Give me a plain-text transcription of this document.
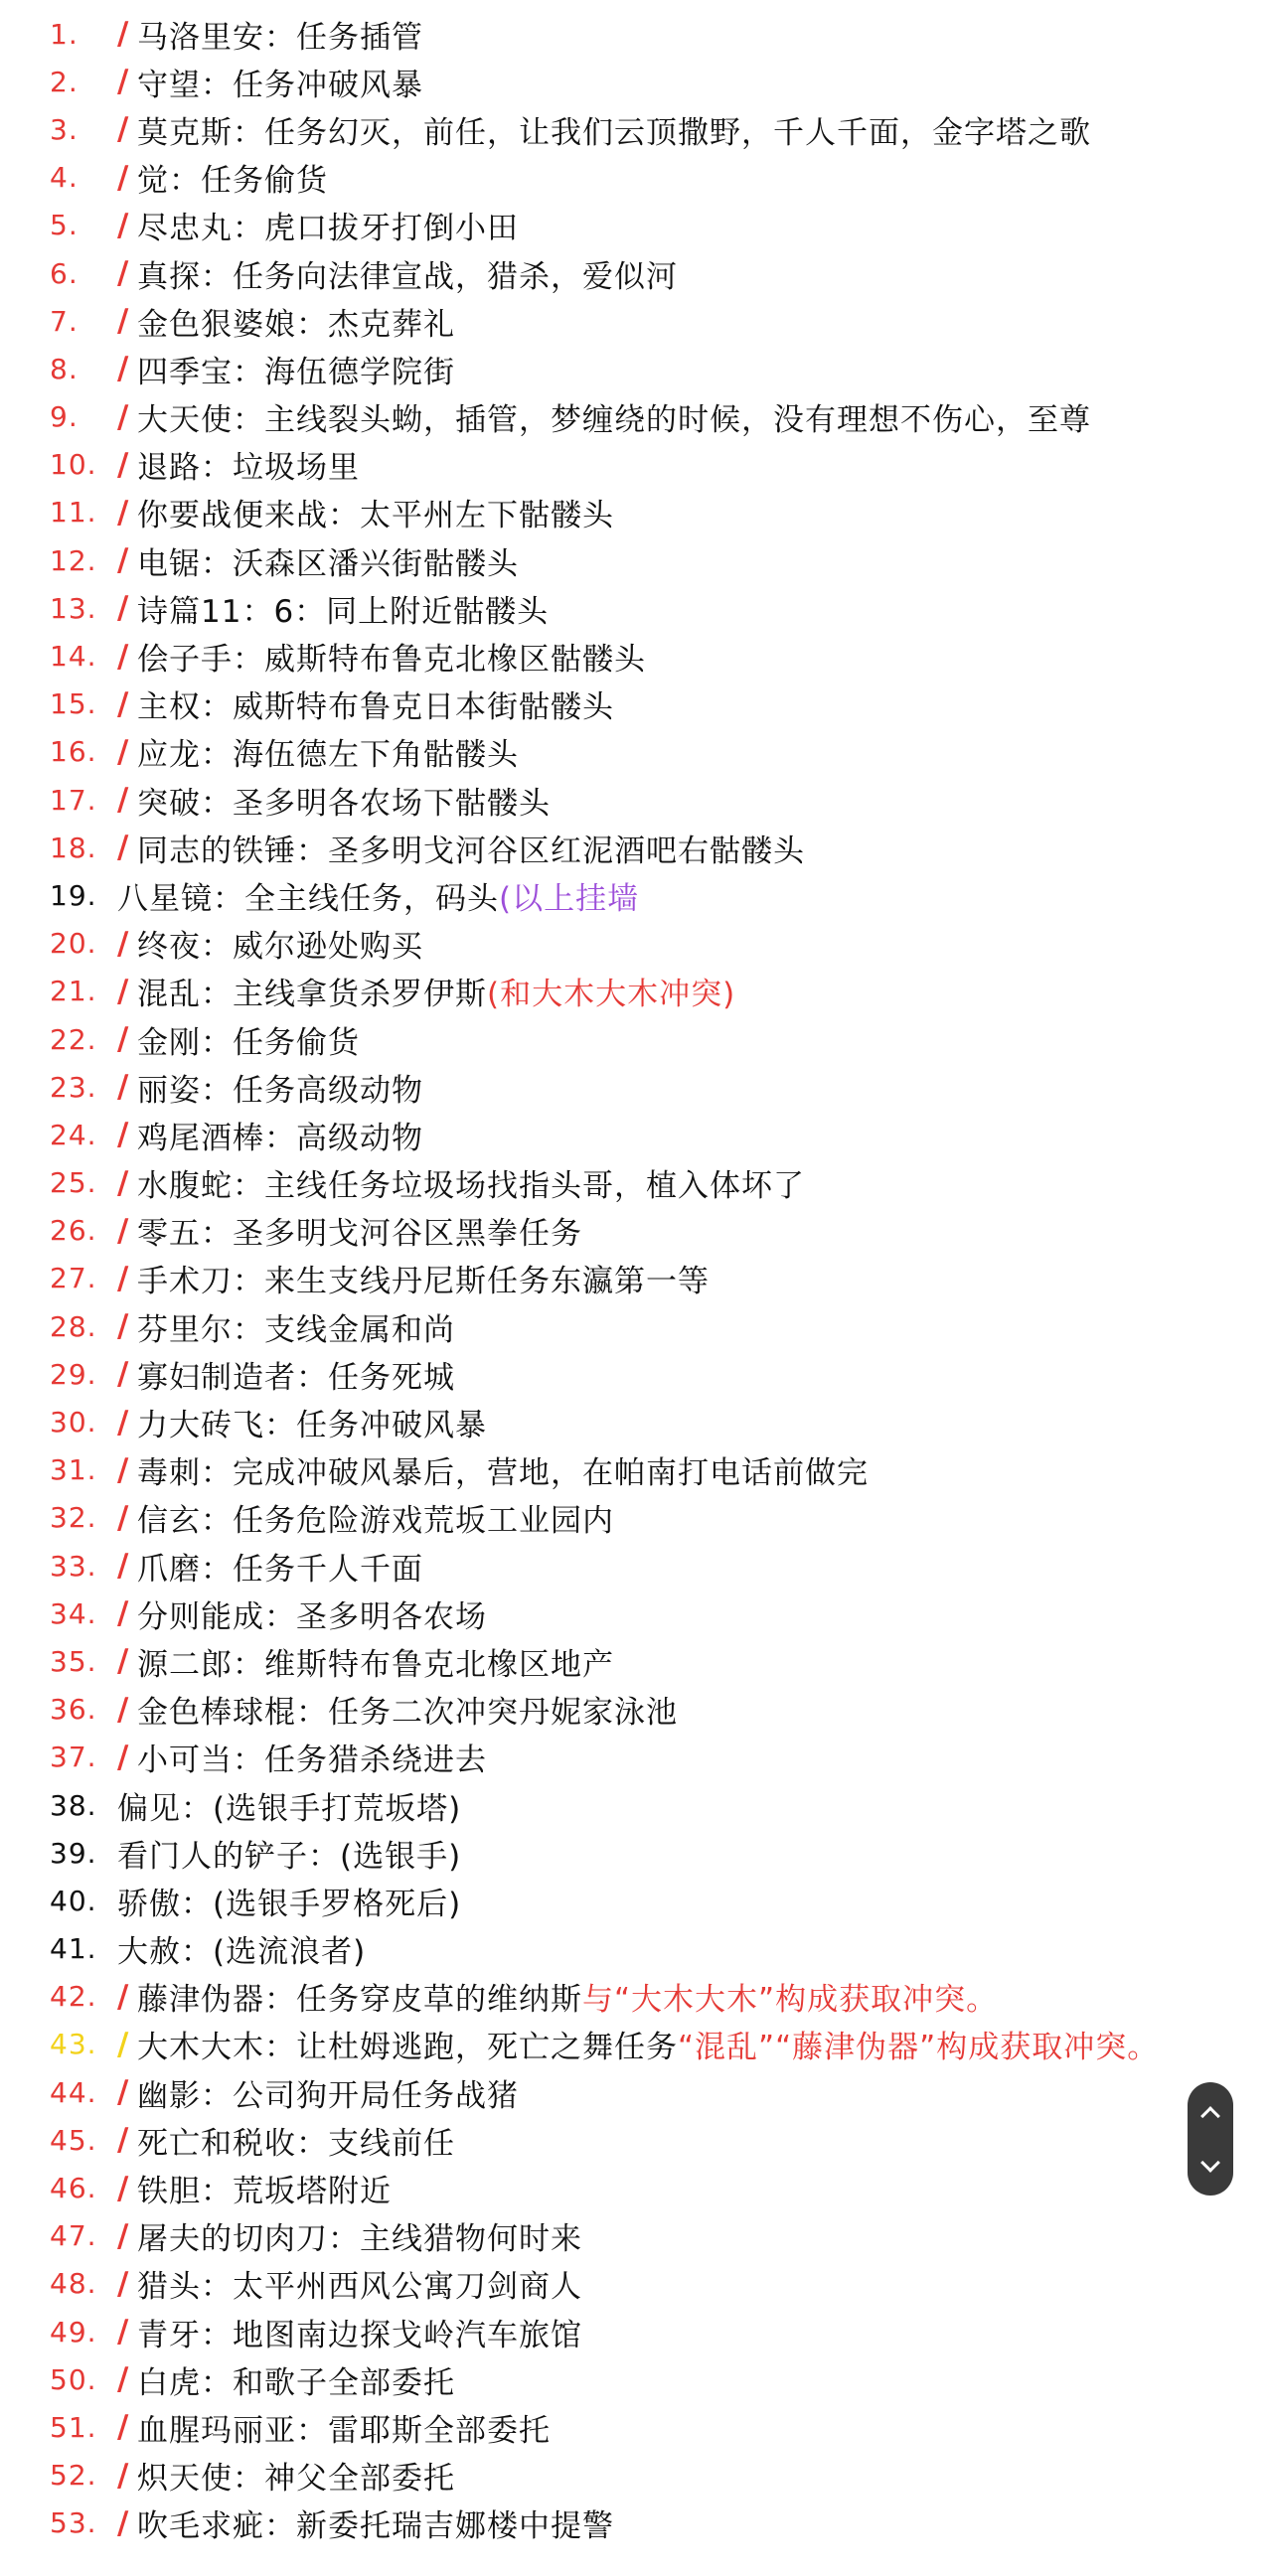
1.	/ 马洛里安：任务插管
2.	/ 守望：任务冲破风暴
3.	/ 莫克斯：任务幻灭，前任，让我们云顶撒野，千人千面，金字塔之歌
4.	/ 觉：任务偷货
5.	/ 尽忠丸：虎口拔牙打倒小田
6.	/ 真探：任务向法律宣战，猎杀，爱似河
7.	/ 金色狠婆娘：杰克葬礼
8.	/ 四季宝：海伍德学院街
9.	/ 大天使：主线裂头蚴，插管，梦缠绕的时候，没有理想不伤心，至尊
10. / 退路：垃圾场里
11. / 你要战便来战：太平州左下骷髅头
12. / 电锯：沃森区潘兴街骷髅头
13. / 诗篇11：6：同上附近骷髅头
14. / 侩子手：威斯特布鲁克北橡区骷髅头
15. / 主权：威斯特布鲁克日本街骷髅头
16. / 应龙：海伍德左下角骷髅头
17. / 突破：圣多明各农场下骷髅头
18. / 同志的铁锤：圣多明戈河谷区红泥酒吧右骷髅头
19. 八星镜：全主线任务，码头 (以上挂墙
20. / 终夜：威尔逊处购买
21. / 混乱：主线拿货杀罗伊斯 (和大木大木冲突)
22. / 金刚：任务偷货
23. / 丽姿：任务高级动物
24. / 鸡尾酒棒：高级动物
25. / 水腹蛇：主线任务垃圾场找指头哥，植入体坏了
26. / 零五：圣多明戈河谷区黑拳任务
27. / 手术刀：来生支线丹尼斯任务东瀛第一等
28. / 芬里尔：支线金属和尚
29. / 寡妇制造者：任务死城
30. / 力大砖飞：任务冲破风暴
31. / 毒刺：完成冲破风暴后，营地，在帕南打电话前做完
32. / 信玄：任务危险游戏荒坂工业园内
33. / 爪磨：任务千人千面
34. / 分则能成：圣多明各农场
35. / 源二郎：维斯特布鲁克北橡区地产
36. / 金色棒球棍：任务二次冲突丹妮家泳池
37. / 小可当：任务猎杀绕进去
38. 偏见：(选银手打荒坂塔)
39. 看门人的铲子：(选银手)
40. 骄傲：(选银手罗格死后)
41. 大赦：(选流浪者)
42. / 藤津伪器：任务穿皮草的维纳斯 与“大木大木”构成获取冲突。
43. / 大木大木：让杜姆逃跑，死亡之舞任务 “混乱”“藤津伪器”构成获取冲突。
44. / 幽影：公司狗开局任务战猪
45. / 死亡和税收：支线前任
46. / 铁胆：荒坂塔附近
47. / 屠夫的切肉刀：主线猎物何时来
48. / 猎头：太平州西风公寓刀剑商人
49. / 青牙：地图南边探戈岭汽车旅馆
50. / 白虎：和歌子全部委托
51. / 血腥玛丽亚：雷耶斯全部委托
52. / 炽天使：神父全部委托
53. / 吹毛求疵：新委托瑞吉娜楼中提警
